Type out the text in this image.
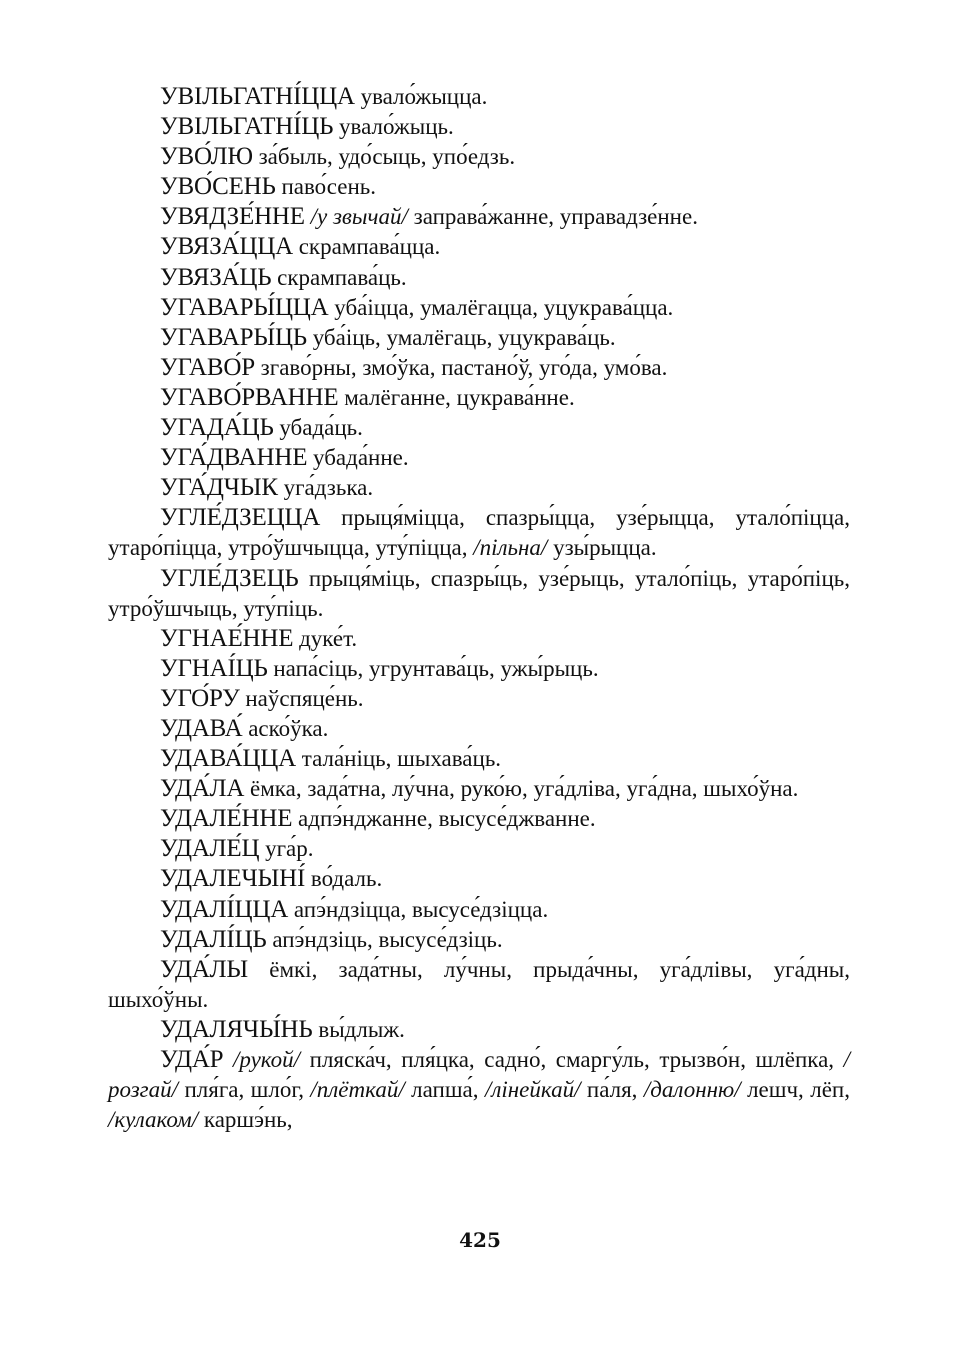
УВІЛЬГАТНІ́ЦЦА увало́жыцца.

УВІЛЬГАТНІ́ЦЬ увало́жыць.

УВО́ЛЮ за́быль, удо́сыць, упо́едзь.

УВО́СЕНЬ паво́сень.

УВЯДЗЕ́ННЕ /у звычай/ заправа́жанне, управадзе́нне.

УВЯЗА́ЦЦА скрампава́цца.

УВЯЗА́ЦЬ скрампава́ць.

УГАВАРЫ́ЦЦА уба́іцца, умалёгацца, уцукрава́цца.

УГАВАРЫ́ЦЬ уба́іць, умалёгаць, уцукрава́ць.

УГАВО́Р згаво́рны, змо́ўка, пастано́ў, уго́да, умо́ва.

УГАВО́РВАННЕ малёганне, цукрава́нне.

УГАДА́ЦЬ убада́ць.

УГА́ДВАННЕ убада́нне.

УГА́ДЧЫК уга́дзька.

УГЛЕ́ДЗЕЦЦА прыця́міцца, спазры́цца, узе́рыцца, утало́піцца, утаро́піцца, утро́ўшчыцца, уту́піцца, /пільна/ узы́рыцца.

УГЛЕ́ДЗЕЦЬ прыця́міць, спазры́ць, узе́рыць, утало́піць, утаро́піць, утро́ўшчыць, уту́піць.

УГНАЕ́ННЕ дуке́т.

УГНАІ́ЦЬ напа́сіць, угрунтава́ць, ужы́рыць.

УГО́РУ наўспяце́нь.

УДАВА́ аско́ўка.

УДАВА́ЦЦА тала́ніць, шыхава́ць.

УДА́ЛА ёмка, зада́тна, лу́чна, руко́ю, уга́дліва, уга́дна, шыхо́ўна.

УДАЛЕ́ННЕ адпэ́нджанне, высусе́джванне.

УДАЛЕ́Ц уга́р.

УДАЛЕЧЫНІ́ во́даль.

УДАЛІ́ЦЦА апэ́ндзіцца, высусе́дзіцца.

УДАЛІ́ЦЬ апэ́ндзіць, высусе́дзіць.

УДА́ЛЫ ёмкі, зада́тны, лу́чны, прыда́чны, уга́длівы, уга́дны, шыхо́ўны.

УДАЛЯЧЫ́НЬ вы́длыж.

УДА́Р /рукой/ пляска́ч, пля́цка, садно́, смаргу́ль, трызво́н, шлёпка, /розгай/ пля́га, шло́г, /плёткай/ лапша́, /лінейкай/ па́ля, /далонню/ лешч, лёп, /кулаком/ каршэ́нь,

425
